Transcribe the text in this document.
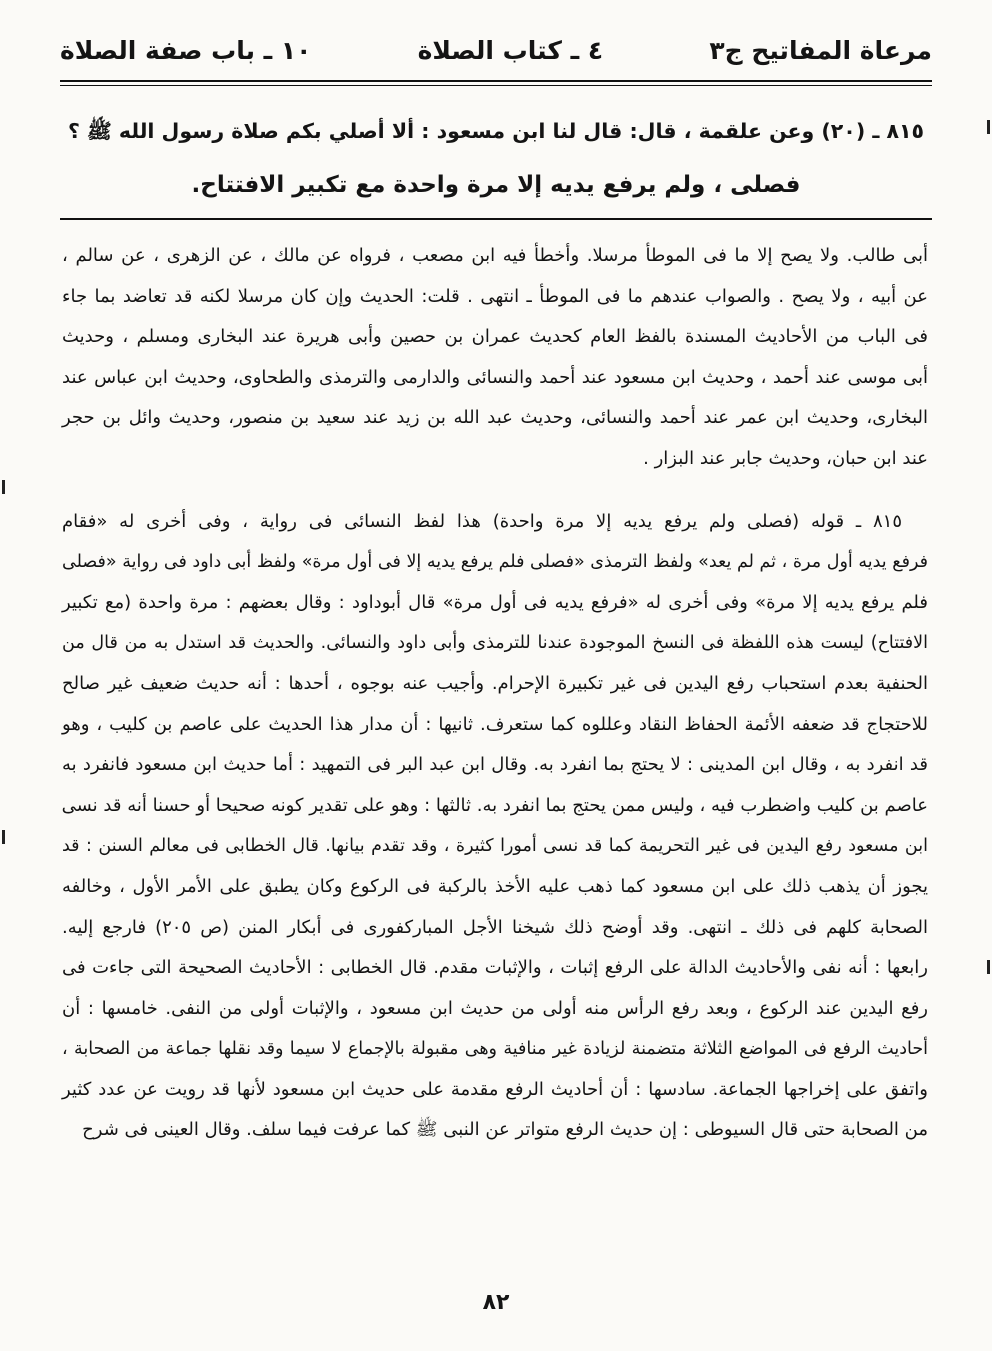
مرعاة المفاتيح ج٣
٤ ـ كتاب الصلاة
١٠ ـ باب صفة الصلاة

٨١٥ ـ (٢٠) وعن علقمة ، قال: قال لنا ابن مسعود : ألا أصلي بكم صلاة رسول الله ﷺ ؟

فصلى ، ولم يرفع يديه إلا مرة واحدة مع تكبير الافتتاح.

أبى طالب. ولا يصح إلا ما فى الموطأ مرسلا. وأخطأ فيه ابن مصعب ، فرواه عن مالك ، عن الزهرى ، عن سالم ،

عن أبيه ، ولا يصح . والصواب عندهم ما فى الموطأ ـ انتهى . قلت: الحديث وإن كان مرسلا لكنه قد تعاضد بما جاء

فى الباب من الأحاديث المسندة بالفظ العام كحديث عمران بن حصين وأبى هريرة عند البخارى ومسلم ، وحديث

أبى موسى عند أحمد ، وحديث ابن مسعود عند أحمد والنسائى والدارمى والترمذى والطحاوى، وحديث ابن عباس عند

البخارى، وحديث ابن عمر عند أحمد والنسائى، وحديث عبد الله بن زيد عند سعيد بن منصور، وحديث وائل بن حجر

عند ابن حبان، وحديث جابر عند البزار .

٨١٥ ـ قوله (فصلى ولم يرفع يديه إلا مرة واحدة) هذا لفظ النسائى فى رواية ، وفى أخرى له «فقام

فرفع يديه أول مرة ، ثم لم يعد» ولفظ الترمذى «فصلى فلم يرفع يديه إلا فى أول مرة» ولفظ أبى داود فى رواية «فصلى

فلم يرفع يديه إلا مرة» وفى أخرى له «فرفع يديه فى أول مرة» قال أبوداود : وقال بعضهم : مرة واحدة (مع تكبير

الافتتاح) ليست هذه اللفظة فى النسخ الموجودة عندنا للترمذى وأبى داود والنسائى. والحديث قد استدل به من قال من

الحنفية بعدم استحباب رفع اليدين فى غير تكبيرة الإحرام. وأجيب عنه بوجوه ، أحدها : أنه حديث ضعيف غير صالح

للاحتجاج قد ضعفه الأئمة الحفاظ النقاد وعللوه كما ستعرف. ثانيها : أن مدار هذا الحديث على عاصم بن كليب ، وهو

قد انفرد به ، وقال ابن المدينى : لا يحتج بما انفرد به. وقال ابن عبد البر فى التمهيد : أما حديث ابن مسعود فانفرد به

عاصم بن كليب واضطرب فيه ، وليس ممن يحتج بما انفرد به. ثالثها : وهو على تقدير كونه صحيحا أو حسنا أنه قد نسى

ابن مسعود رفع اليدين فى غير التحريمة كما قد نسى أمورا كثيرة ، وقد تقدم بيانها. قال الخطابى فى معالم السنن : قد

يجوز أن يذهب ذلك على ابن مسعود كما ذهب عليه الأخذ بالركبة فى الركوع وكان يطبق على الأمر الأول ، وخالفه

الصحابة كلهم فى ذلك ـ انتهى. وقد أوضح ذلك شيخنا الأجل المباركفورى فى أبكار المنن (ص ٢٠٥) فارجع إليه.

رابعها : أنه نفى والأحاديث الدالة على الرفع إثبات ، والإثبات مقدم. قال الخطابى : الأحاديث الصحيحة التى جاءت فى

رفع اليدين عند الركوع ، وبعد رفع الرأس منه أولى من حديث ابن مسعود ، والإثبات أولى من النفى. خامسها : أن

أحاديث الرفع فى المواضع الثلاثة متضمنة لزيادة غير منافية وهى مقبولة بالإجماع لا سيما وقد نقلها جماعة من الصحابة ،

واتفق على إخراجها الجماعة. سادسها : أن أحاديث الرفع مقدمة على حديث ابن مسعود لأنها قد رويت عن عدد كثير

من الصحابة حتى قال السيوطى : إن حديث الرفع متواتر عن النبى ﷺ كما عرفت فيما سلف. وقال العينى فى شرح

٨٢
